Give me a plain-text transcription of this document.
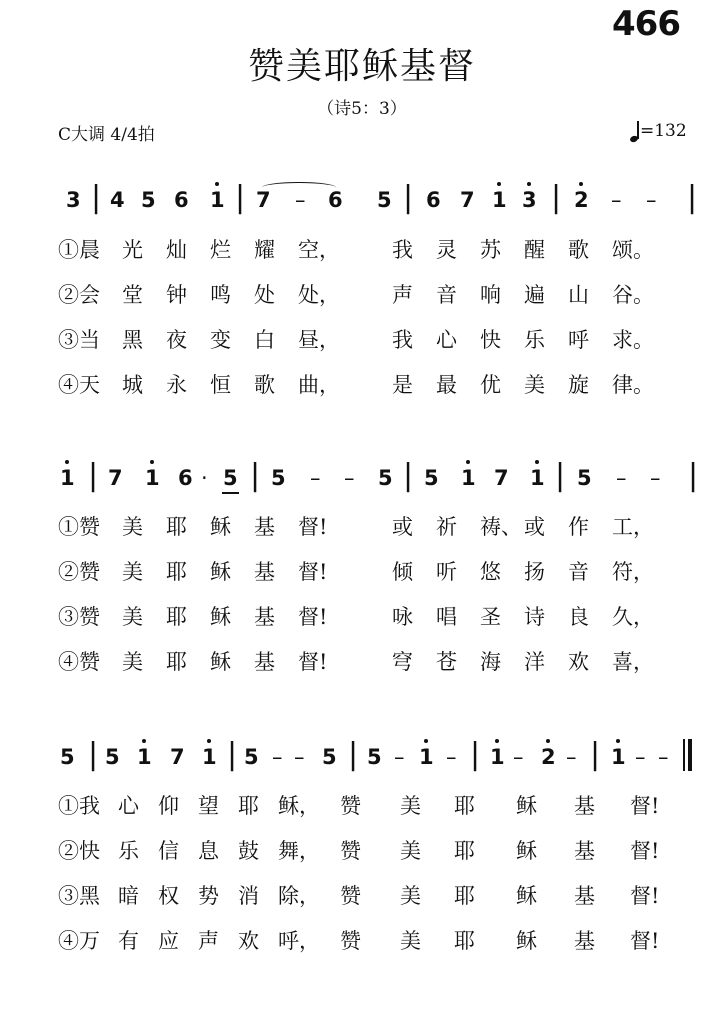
466
赞美耶稣基督
（诗5：3）
C大调 4/4拍	=132
3 | 4 5 6 1 | 7 – 6 5 | 6 7 1 3 | 2 – – |
①晨 光 灿 烂 耀 空， 我 灵 苏 醒 歌 颂。
②会 堂 钟 鸣 处 处， 声 音 响 遍 山 谷。
③当 黑 夜 变 白 昼， 我 心 快 乐 呼 求。
④天 城 永 恒 歌 曲， 是 最 优 美 旋 律。
1 | 7 1 6 · 5 | 5 – – 5 | 5 1 7 1 | 5 – – |
①赞 美 耶 稣 基 督!	或 祈 祷、 或 作 工，
②赞 美 耶 稣 基 督!	倾 听 悠 扬 音 符，
③赞 美 耶 稣 基 督!	咏 唱 圣 诗 良 久，
④赞 美 耶 稣 基 督!	穹 苍 海 洋 欢 喜，
5 | 5 1 7 1 | 5 – – 5 | 5 – 1 – | 1 – 2 – | 1 – –
①我 心 仰 望 耶 稣， 赞 美 耶 稣 基 督!
②快 乐 信 息 鼓 舞， 赞 美 耶 稣 基 督!
③黑 暗 权 势 消 除， 赞 美 耶 稣 基 督!
④万 有 应 声 欢 呼， 赞 美 耶 稣 基 督!
